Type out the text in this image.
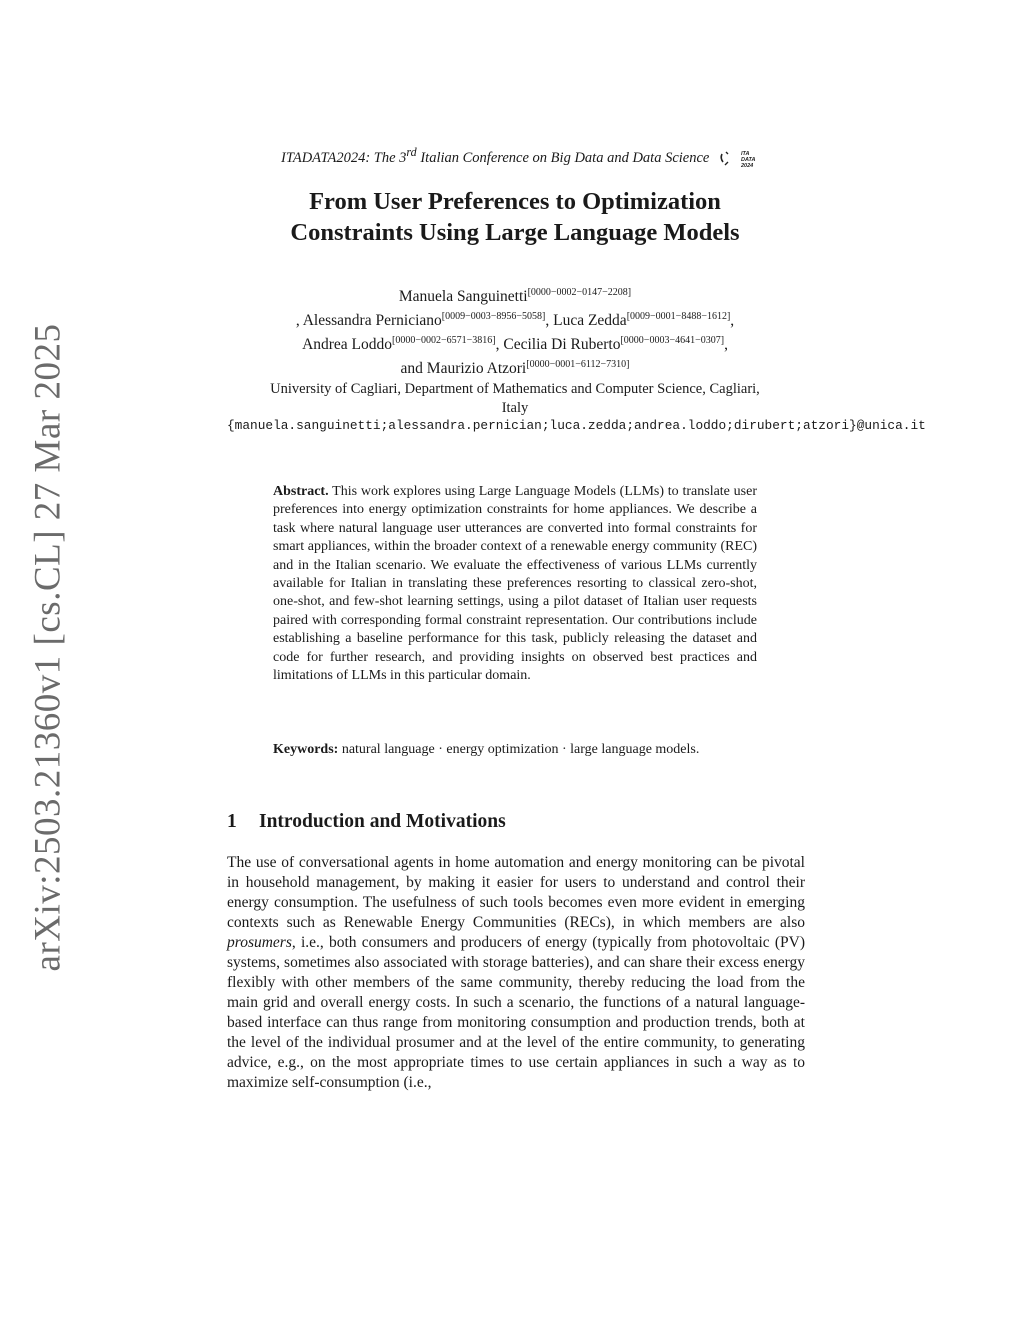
arXiv:2503.21360v1 [cs.CL] 27 Mar 2025
ITADATA2024: The 3rd Italian Conference on Big Data and Data Science	ITA
DATA
2024
From User Preferences to Optimization
Constraints Using Large Language Models
Manuela Sanguinetti[0000−0002−0147−2208]
, Alessandra Perniciano[0009−0003−8956−5058], Luca Zedda[0009−0001−8488−1612],
Andrea Loddo[0000−0002−6571−3816], Cecilia Di Ruberto[0000−0003−4641−0307],
and Maurizio Atzori[0000−0001−6112−7310]
University of Cagliari, Department of Mathematics and Computer Science, Cagliari,
Italy
{manuela.sanguinetti;alessandra.pernician;luca.zedda;andrea.loddo;dirubert;atzori}@unica.it
Abstract. This work explores using Large Language Models (LLMs) to translate user preferences into energy optimization constraints for home appliances. We describe a task where natural language user utterances are converted into formal constraints for smart appliances, within the broader context of a renewable energy community (REC) and in the Italian scenario. We evaluate the effectiveness of various LLMs currently available for Italian in translating these preferences resorting to classical zero-shot, one-shot, and few-shot learning settings, using a pilot dataset of Italian user requests paired with corresponding formal constraint representation. Our contributions include establishing a baseline performance for this task, publicly releasing the dataset and code for further research, and providing insights on observed best practices and limitations of LLMs in this particular domain.
Keywords: natural language · energy optimization · large language models.
1 Introduction and Motivations
The use of conversational agents in home automation and energy monitoring can be pivotal in household management, by making it easier for users to understand and control their energy consumption. The usefulness of such tools becomes even more evident in emerging contexts such as Renewable Energy Communities (RECs), in which members are also prosumers, i.e., both consumers and producers of energy (typically from photovoltaic (PV) systems, sometimes also associated with storage batteries), and can share their excess energy flexibly with other members of the same community, thereby reducing the load from the main grid and overall energy costs. In such a scenario, the functions of a natural language-based interface can thus range from monitoring consumption and production trends, both at the level of the individual prosumer and at the level of the entire community, to generating advice, e.g., on the most appropriate times to use certain appliances in such a way as to maximize self-consumption (i.e.,
